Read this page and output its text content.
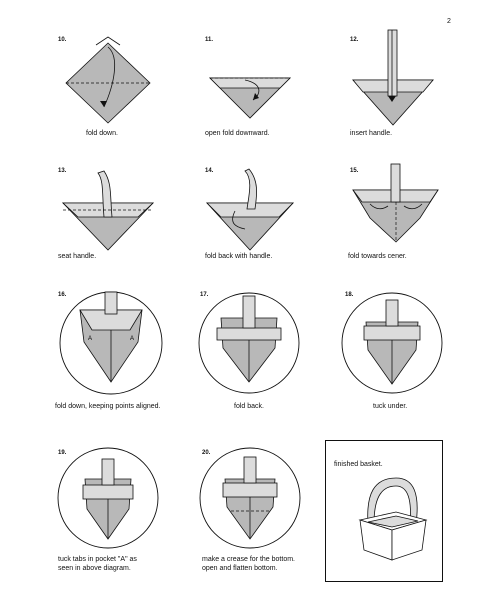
2
10.
fold down.
11.
open fold downward.
12.
insert handle.
13.
seat handle.
14.
fold back with handle.
15.
fold towards cener.
16.
A	A
fold down, keeping points aligned.
17.
fold back.
18.
tuck under.
19.
tuck tabs in pocket "A" as
seen in above diagram.
20.
make a crease for the bottom.
open and flatten bottom.
finished basket.
